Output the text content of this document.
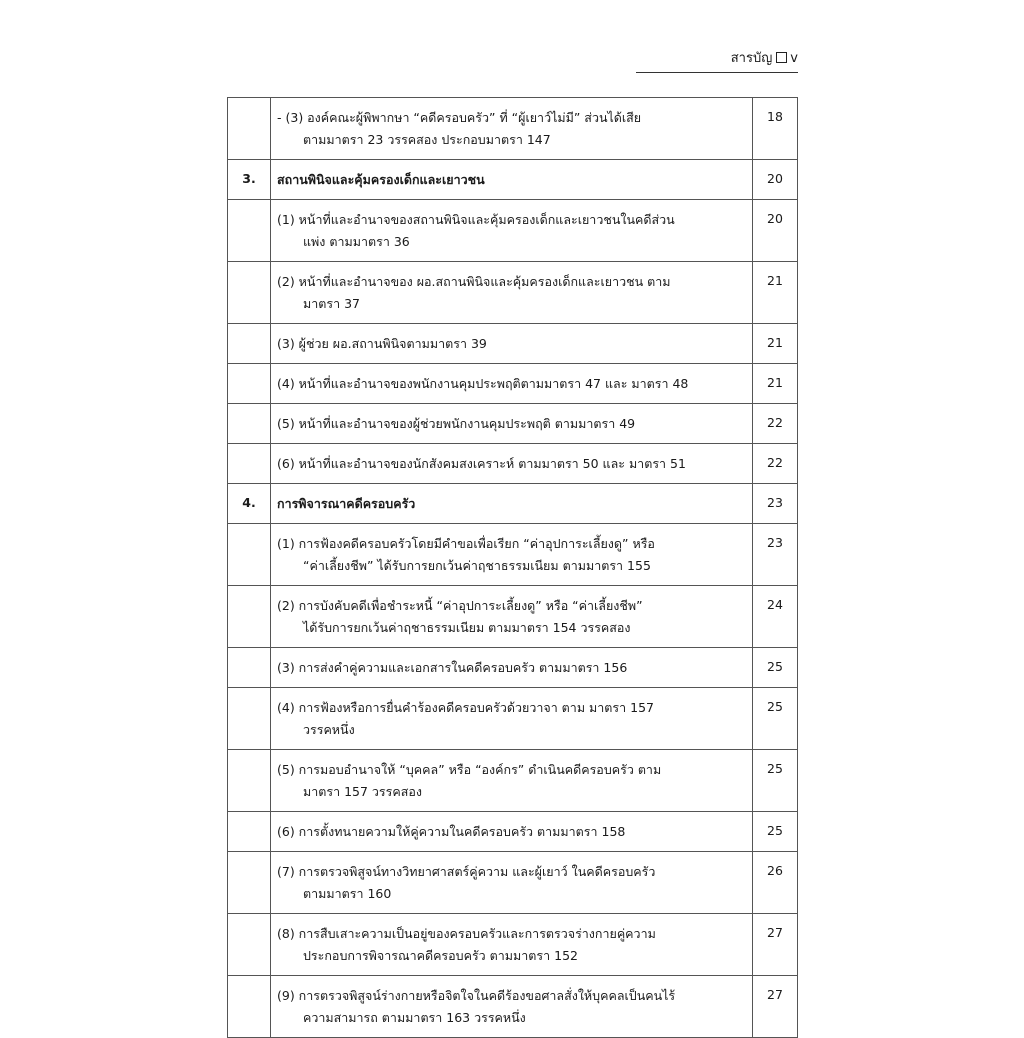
สารบัญ v

	- (3) องค์คณะผู้พิพากษา “คดีครอบครัว” ที่ “ผู้เยาว์ไม่มี” ส่วนได้เสีย
ตามมาตรา 23 วรรคสอง ประกอบมาตรา 147	18
3.	สถานพินิจและคุ้มครองเด็กและเยาวชน	20

	(1) หน้าที่และอำนาจของสถานพินิจและคุ้มครองเด็กและเยาวชนในคดีส่วน
แพ่ง ตามมาตรา 36	20

	(2) หน้าที่และอำนาจของ ผอ.สถานพินิจและคุ้มครองเด็กและเยาวชน ตาม
มาตรา 37	21

	(3) ผู้ช่วย ผอ.สถานพินิจตามมาตรา 39	21

	(4) หน้าที่และอำนาจของพนักงานคุมประพฤติตามมาตรา 47 และ มาตรา 48	21

	(5) หน้าที่และอำนาจของผู้ช่วยพนักงานคุมประพฤติ ตามมาตรา 49	22

	(6) หน้าที่และอำนาจของนักสังคมสงเคราะห์ ตามมาตรา 50 และ มาตรา 51	22
4.	การพิจารณาคดีครอบครัว	23

	(1) การฟ้องคดีครอบครัวโดยมีคำขอเพื่อเรียก “ค่าอุปการะเลี้ยงดู” หรือ
“ค่าเลี้ยงชีพ” ได้รับการยกเว้นค่าฤชาธรรมเนียม ตามมาตรา 155	23

	(2) การบังคับคดีเพื่อชำระหนี้ “ค่าอุปการะเลี้ยงดู” หรือ “ค่าเลี้ยงชีพ”
ได้รับการยกเว้นค่าฤชาธรรมเนียม ตามมาตรา 154 วรรคสอง	24

	(3) การส่งคำคู่ความและเอกสารในคดีครอบครัว ตามมาตรา 156	25

	(4) การฟ้องหรือการยื่นคำร้องคดีครอบครัวด้วยวาจา ตาม มาตรา 157
วรรคหนึ่ง	25

	(5) การมอบอำนาจให้ “บุคคล” หรือ “องค์กร” ดำเนินคดีครอบครัว ตาม
มาตรา 157 วรรคสอง	25

	(6) การตั้งทนายความให้คู่ความในคดีครอบครัว ตามมาตรา 158	25

	(7) การตรวจพิสูจน์ทางวิทยาศาสตร์คู่ความ และผู้เยาว์ ในคดีครอบครัว
ตามมาตรา 160	26

	(8) การสืบเสาะความเป็นอยู่ของครอบครัวและการตรวจร่างกายคู่ความ
ประกอบการพิจารณาคดีครอบครัว ตามมาตรา 152	27

	(9) การตรวจพิสูจน์ร่างกายหรือจิตใจในคดีร้องขอศาลสั่งให้บุคคลเป็นคนไร้
ความสามารถ ตามมาตรา 163 วรรคหนึ่ง	27
